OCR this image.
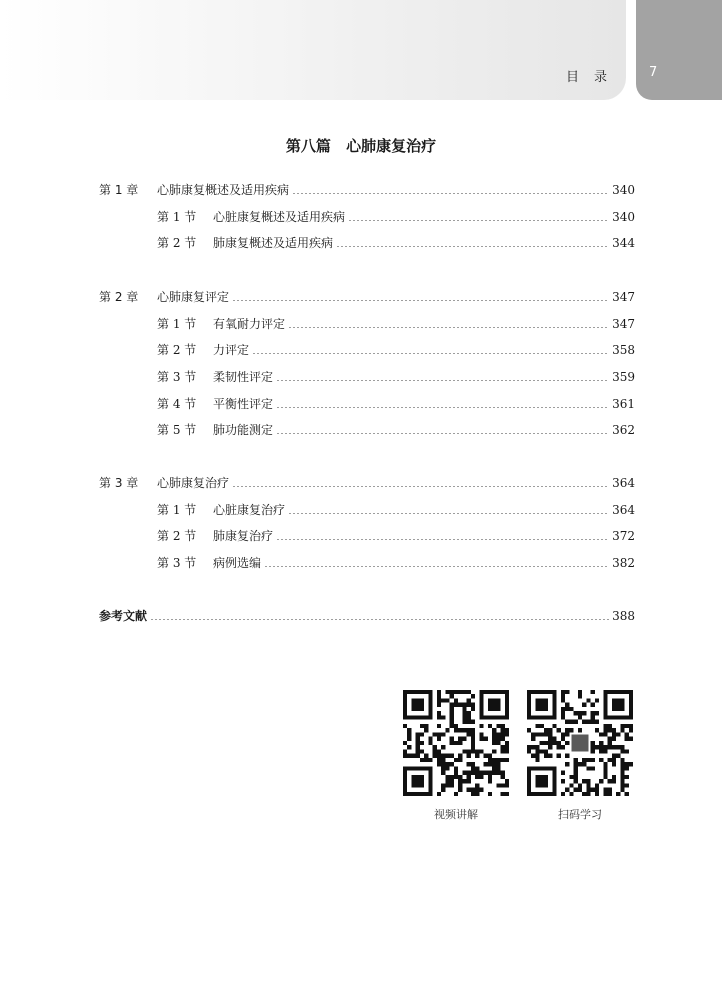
目录 7
第八篇 心肺康复治疗
第 1 章	心肺康复概述及适用疾病	340
第 1 节	心脏康复概述及适用疾病	340
第 2 节	肺康复概述及适用疾病	344
第 2 章	心肺康复评定	347
第 1 节	有氧耐力评定	347
第 2 节	力评定	358
第 3 节	柔韧性评定	359
第 4 节	平衡性评定	361
第 5 节	肺功能测定	362
第 3 章	心肺康复治疗	364
第 1 节	心脏康复治疗	364
第 2 节	肺康复治疗	372
第 3 节	病例选编	382
参考文献	388
视频讲解	扫码学习
